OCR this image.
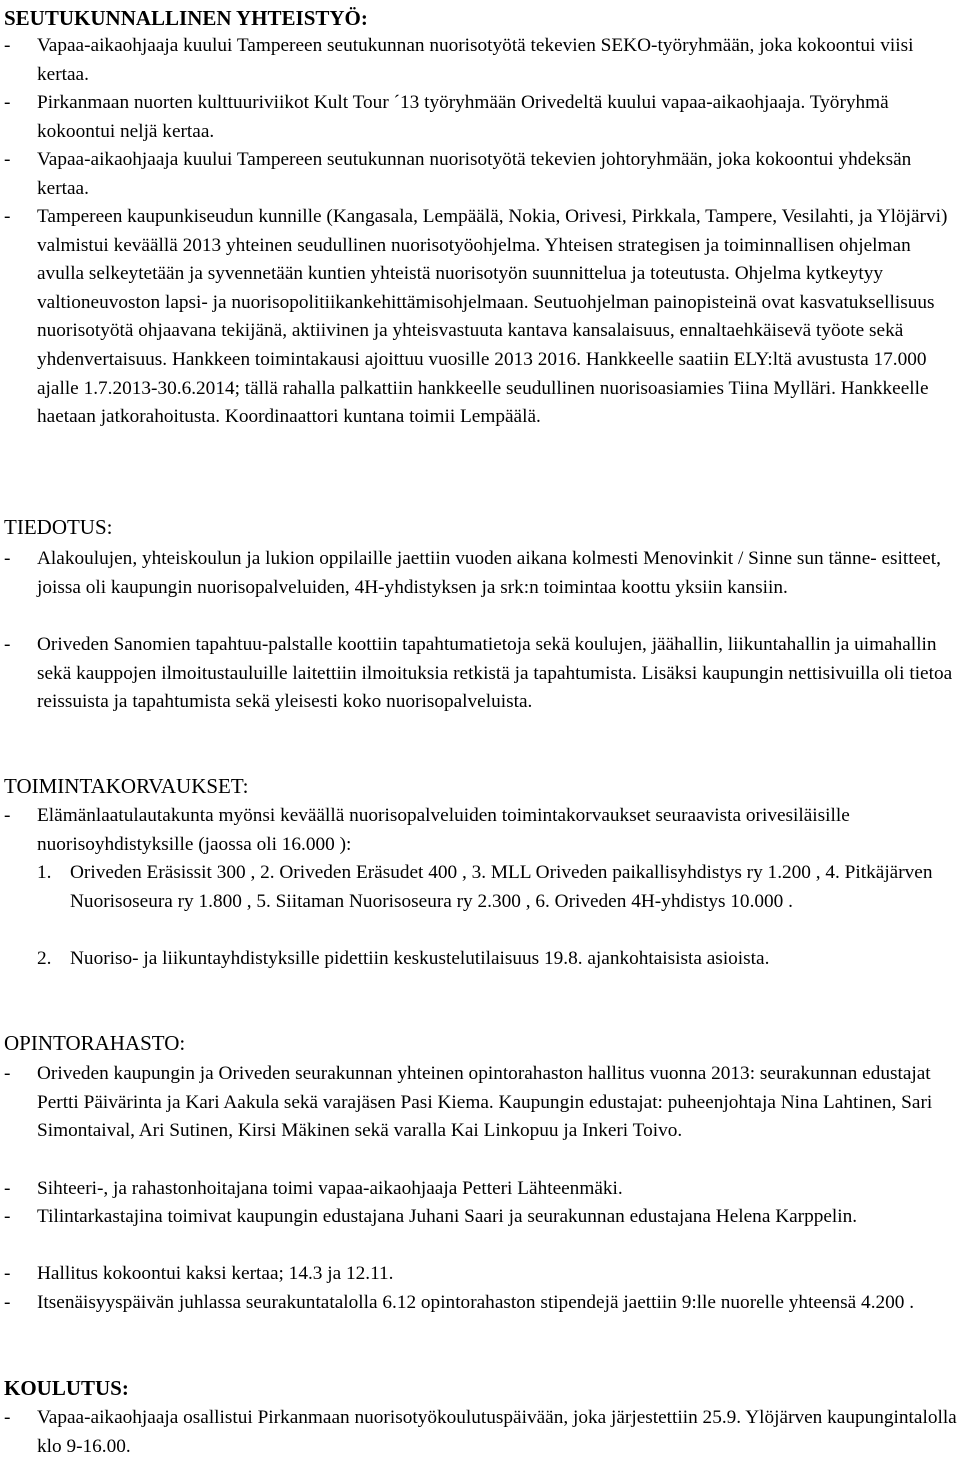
SEUTUKUNNALLINEN YHTEISTYÖ:

- Vapaa-aikaohjaaja kuului Tampereen seutukunnan nuorisotyötä tekevien SEKO-työryhmään, joka kokoontui viisi kertaa.

- Pirkanmaan nuorten kulttuuriviikot Kult Tour ´13 työryhmään Orivedeltä kuului vapaa-aikaohjaaja. Työryhmä kokoontui neljä kertaa.

- Vapaa-aikaohjaaja kuului Tampereen seutukunnan nuorisotyötä tekevien johtoryhmään, joka kokoontui yhdeksän kertaa.

- Tampereen kaupunkiseudun kunnille (Kangasala, Lempäälä, Nokia, Orivesi, Pirkkala, Tampere, Vesilahti, ja Ylöjärvi) valmistui keväällä 2013 yhteinen seudullinen nuorisotyöohjelma. Yhteisen strategisen ja toiminnallisen ohjelman avulla selkeytetään ja syvennetään kuntien yhteistä nuorisotyön suunnittelua ja toteutusta. Ohjelma kytkeytyy valtioneuvoston lapsi- ja nuorisopolitiikankehittämisohjelmaan. Seutuohjelman painopisteinä ovat kasvatuksellisuus nuorisotyötä ohjaavana tekijänä, aktiivinen ja yhteisvastuuta kantava kansalaisuus, ennaltaehkäisevä työote sekä yhdenvertaisuus. Hankkeen toimintakausi ajoittuu vuosille 2013 2016. Hankkeelle saatiin ELY:ltä avustusta 17.000 ajalle 1.7.2013-30.6.2014; tällä rahalla palkattiin hankkeelle seudullinen nuorisoasiamies Tiina Mylläri. Hankkeelle haetaan jatkorahoitusta. Koordinaattori kuntana toimii Lempäälä.

TIEDOTUS:

- Alakoulujen, yhteiskoulun ja lukion oppilaille jaettiin vuoden aikana kolmesti Menovinkit / Sinne sun tänne- esitteet, joissa oli kaupungin nuorisopalveluiden, 4H-yhdistyksen ja srk:n toimintaa koottu yksiin kansiin.

- Oriveden Sanomien tapahtuu-palstalle koottiin tapahtumatietoja sekä koulujen, jäähallin, liikuntahallin ja uimahallin sekä kauppojen ilmoitustauluille laitettiin ilmoituksia retkistä ja tapahtumista. Lisäksi kaupungin nettisivuilla oli tietoa reissuista ja tapahtumista sekä yleisesti koko nuorisopalveluista.

TOIMINTAKORVAUKSET:

- Elämänlaatulautakunta myönsi keväällä nuorisopalveluiden toimintakorvaukset seuraavista orivesiläisille nuorisoyhdistyksille (jaossa oli 16.000 ):

1. Oriveden Eräsissit 300 , 2. Oriveden Eräsudet 400 , 3. MLL Oriveden paikallisyhdistys ry 1.200 , 4. Pitkäjärven Nuorisoseura ry 1.800 , 5. Siitaman Nuorisoseura ry 2.300 , 6. Oriveden 4H-yhdistys 10.000 .

2. Nuoriso- ja liikuntayhdistyksille pidettiin keskustelutilaisuus 19.8. ajankohtaisista asioista.

OPINTORAHASTO:

- Oriveden kaupungin ja Oriveden seurakunnan yhteinen opintorahaston hallitus vuonna 2013: seurakunnan edustajat Pertti Päivärinta ja Kari Aakula sekä varajäsen Pasi Kiema. Kaupungin edustajat: puheenjohtaja Nina Lahtinen, Sari Simontaival, Ari Sutinen, Kirsi Mäkinen sekä varalla Kai Linkopuu ja Inkeri Toivo.

- Sihteeri-, ja rahastonhoitajana toimi vapaa-aikaohjaaja Petteri Lähteenmäki.

- Tilintarkastajina toimivat kaupungin edustajana Juhani Saari ja seurakunnan edustajana Helena Karppelin.

- Hallitus kokoontui kaksi kertaa; 14.3 ja 12.11.

- Itsenäisyyspäivän juhlassa seurakuntatalolla 6.12 opintorahaston stipendejä jaettiin 9:lle nuorelle yhteensä 4.200 .

KOULUTUS:

- Vapaa-aikaohjaaja osallistui Pirkanmaan nuorisotyökoulutuspäivään, joka järjestettiin 25.9. Ylöjärven kaupungintalolla klo 9-16.00.
